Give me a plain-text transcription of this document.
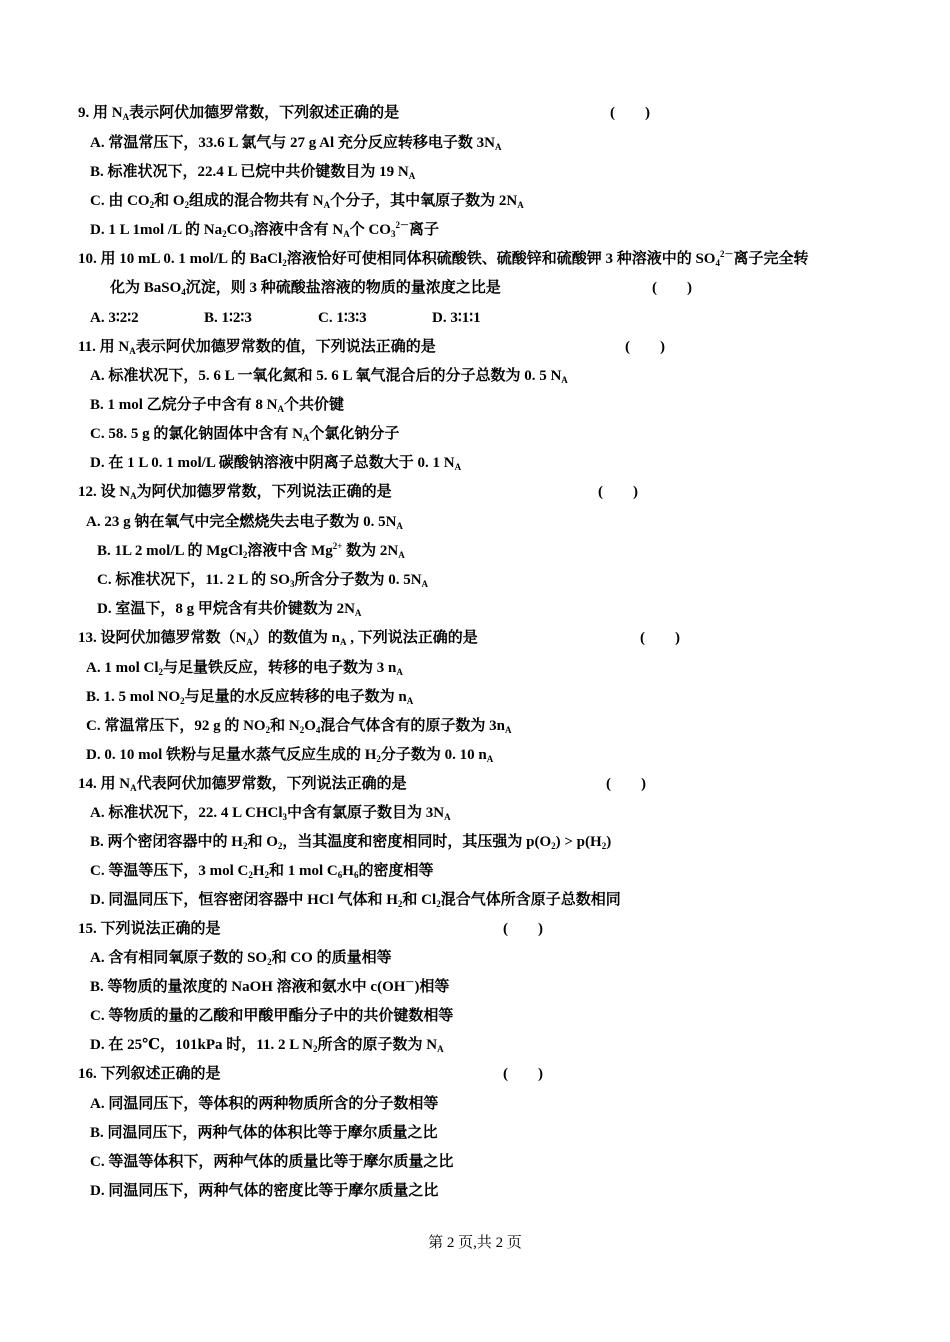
9. 用 $N_A$表示阿伏加德罗常数，下列叙述正确的是	(　　)
A. 常温常压下，33.6 L 氯气与 27 g Al 充分反应转移电子数 $3N_A$
B. 标准状况下，22.4 L 已烷中共价键数目为 19 $N_A$
C. 由 $CO_2$和 $O_2$组成的混合物共有 $N_A$个分子，其中氧原子数为 $2N_A$
D. 1 L 1mol /L 的 $Na_2CO_3$溶液中含有 $N_A$个 $CO_3^{2-}$离子
10. 用 10 mL 0. 1 mol/L 的 BaCl$_2$溶液恰好可使相同体积硫酸铁、硫酸锌和硫酸钾 3 种溶液中的 $SO_4^{2-}$离子完全转
化为 BaSO$_4$沉淀，则 3 种硫酸盐溶液的物质的量浓度之比是	(　　)
A. 3∶2∶2	B. 1∶2∶3	C. 1∶3∶3	D. 3∶1∶1
11. 用 $N_A$表示阿伏加德罗常数的值，下列说法正确的是	(　　)
A. 标准状况下，5. 6 L 一氧化氮和 5. 6 L 氧气混合后的分子总数为 0. 5 $N_A$
B. 1 mol 乙烷分子中含有 8 $N_A$个共价键
C. 58. 5 g 的氯化钠固体中含有 $N_A$个氯化钠分子
D. 在 1 L 0. 1 mol/L 碳酸钠溶液中阴离子总数大于 0. 1 $N_A$
12. 设 $N_A$为阿伏加德罗常数，下列说法正确的是	(　　)
A. 23 g 钠在氧气中完全燃烧失去电子数为 0. $5N_A$
B. 1L 2 mol/L 的 MgCl$_2$溶液中含 $Mg^{2+}$ 数为 $2N_A$
C. 标准状况下，11. 2 L 的 $SO_3$所含分子数为 0. $5N_A$
D. 室温下，8 g 甲烷含有共价键数为 $2N_A$
13. 设阿伏加德罗常数$(N_A)$的数值为 $n_A$ , 下列说法正确的是	(　　)
A. 1 mol $Cl_2$与足量铁反应，转移的电子数为 3 $n_A$
B. 1. 5 mol $NO_2$与足量的水反应转移的电子数为 $n_A$
C. 常温常压下，92 g 的 $NO_2$和 $N_2O_4$混合气体含有的原子数为 $3n_A$
D. 0. 10 mol 铁粉与足量水蒸气反应生成的 $H_2$分子数为 0. 10 $n_A$
14. 用 $N_A$代表阿伏加德罗常数，下列说法正确的是	(　　)
A. 标准状况下，22. 4 L CHCl$_3$中含有氯原子数目为 $3N_A$
B. 两个密闭容器中的 $H_2$和 $O_2$，当其温度和密度相同时，其压强为 $p(O_2) > p(H_2)$
C. 等温等压下，3 mol $C_2H_2$和 1 mol $C_6H_6$的密度相等
D. 同温同压下，恒容密闭容器中 HCl 气体和 $H_2$和 $Cl_2$混合气体所含原子总数相同
15. 下列说法正确的是	(　　)
A. 含有相同氧原子数的 $SO_2$和 CO 的质量相等
B. 等物质的量浓度的 NaOH 溶液和氨水中 c(OH－)相等
C. 等物质的量的乙酸和甲酸甲酯分子中的共价键数相等
D. 在 25℃，101kPa 时，11. 2 L $N_2$所含的原子数为 $N_A$
16. 下列叙述正确的是	(　　)
A. 同温同压下，等体积的两种物质所含的分子数相等
B. 同温同压下，两种气体的体积比等于摩尔质量之比
C. 等温等体积下，两种气体的质量比等于摩尔质量之比
D. 同温同压下，两种气体的密度比等于摩尔质量之比
第 2 页,共 2 页
